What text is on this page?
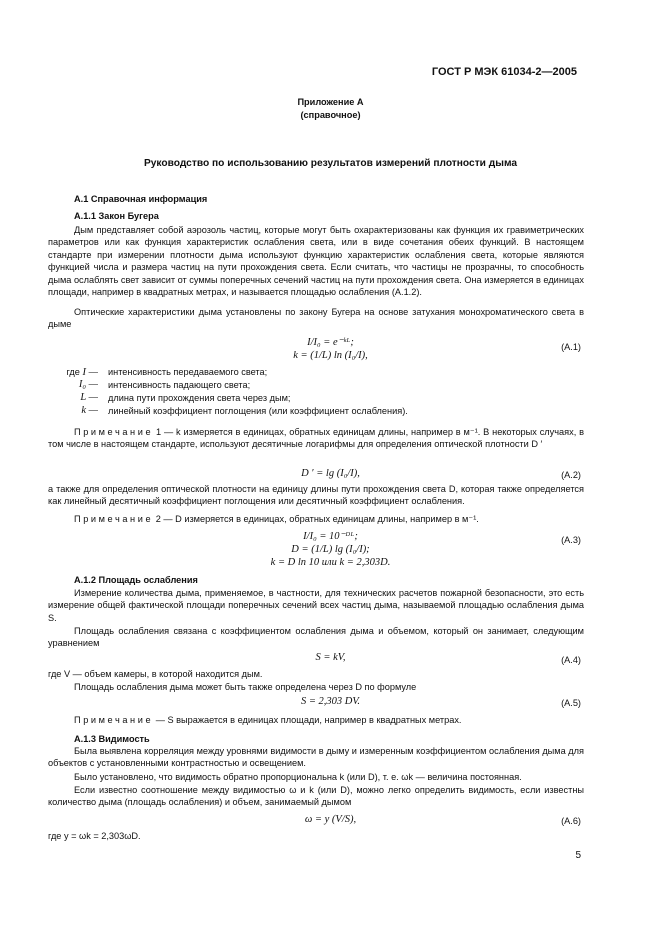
ГОСТ Р МЭК 61034-2—2005
Приложение А
(справочное)
Руководство по использованию результатов измерений плотности дыма
А.1 Справочная информация
А.1.1 Закон Бугера
Дым представляет собой аэрозоль частиц, которые могут быть охарактеризованы как функция их гравиметрических параметров или как функция характеристик ослабления света, или в виде сочетания обеих функций. В настоящем стандарте при измерении плотности дыма используют функцию характеристик ослабления света, которые являются функцией числа и размера частиц на пути прохождения света. Если считать, что частицы не прозрачны, то способность дыма ослаблять свет зависит от суммы поперечных сечений частиц на пути прохождения света. Она измеряется в единицах площади, например в квадратных метрах, и называется площадью ослабления (А.1.2).
Оптические характеристики дыма установлены по закону Бугера на основе затухания монохроматического света в дыме
I/I₀ = e⁻ᵏᴸ;
k = (1/L) ln (I₀/I),
(А.1)
где I —	интенсивность передаваемого света;
I₀ —	интенсивность падающего света;
L —	длина пути прохождения света через дым;
k —	линейный коэффициент поглощения (или коэффициент ослабления).
Примечание 1 — k измеряется в единицах, обратных единицам длины, например в м⁻¹. В некоторых случаях, в том числе в настоящем стандарте, используют десятичные логарифмы для определения оптической плотности D ′
D ′ = lg (I₀/I),	(А.2)
а также для определения оптической плотности на единицу длины пути прохождения света D, которая также определяется как линейный десятичный коэффициент поглощения или десятичный коэффициент ослабления.
Примечание 2 — D измеряется в единицах, обратных единицам длины, например в м⁻¹.
I/I₀ = 10⁻ᴰᴸ;
D = (1/L) lg (I₀/I);
k = D ln 10 или k = 2,303D.
(А.3)
А.1.2 Площадь ослабления
Измерение количества дыма, применяемое, в частности, для технических расчетов пожарной безопасности, это есть измерение общей фактической площади поперечных сечений всех частиц дыма, называемой площадью ослабления дыма S.
Площадь ослабления связана с коэффициентом ослабления дыма и объемом, который он занимает, следующим уравнением
S = kV,	(А.4)
где V — объем камеры, в которой находится дым.
Площадь ослабления дыма может быть также определена через D по формуле
S = 2,303 DV.	(А.5)
Примечание — S выражается в единицах площади, например в квадратных метрах.
А.1.3 Видимость
Была выявлена корреляция между уровнями видимости в дыму и измеренным коэффициентом ослабления дыма для объектов с установленными контрастностью и освещением.
Было установлено, что видимость обратно пропорциональна k (или D), т. е. ωk — величина постоянная.
Если известно соотношение между видимостью ω и k (или D), можно легко определить видимость, если известны количество дыма (площадь ослабления) и объем, занимаемый дымом
ω = y (V/S),	(А.6)
где y = ωk = 2,303ωD.
5
